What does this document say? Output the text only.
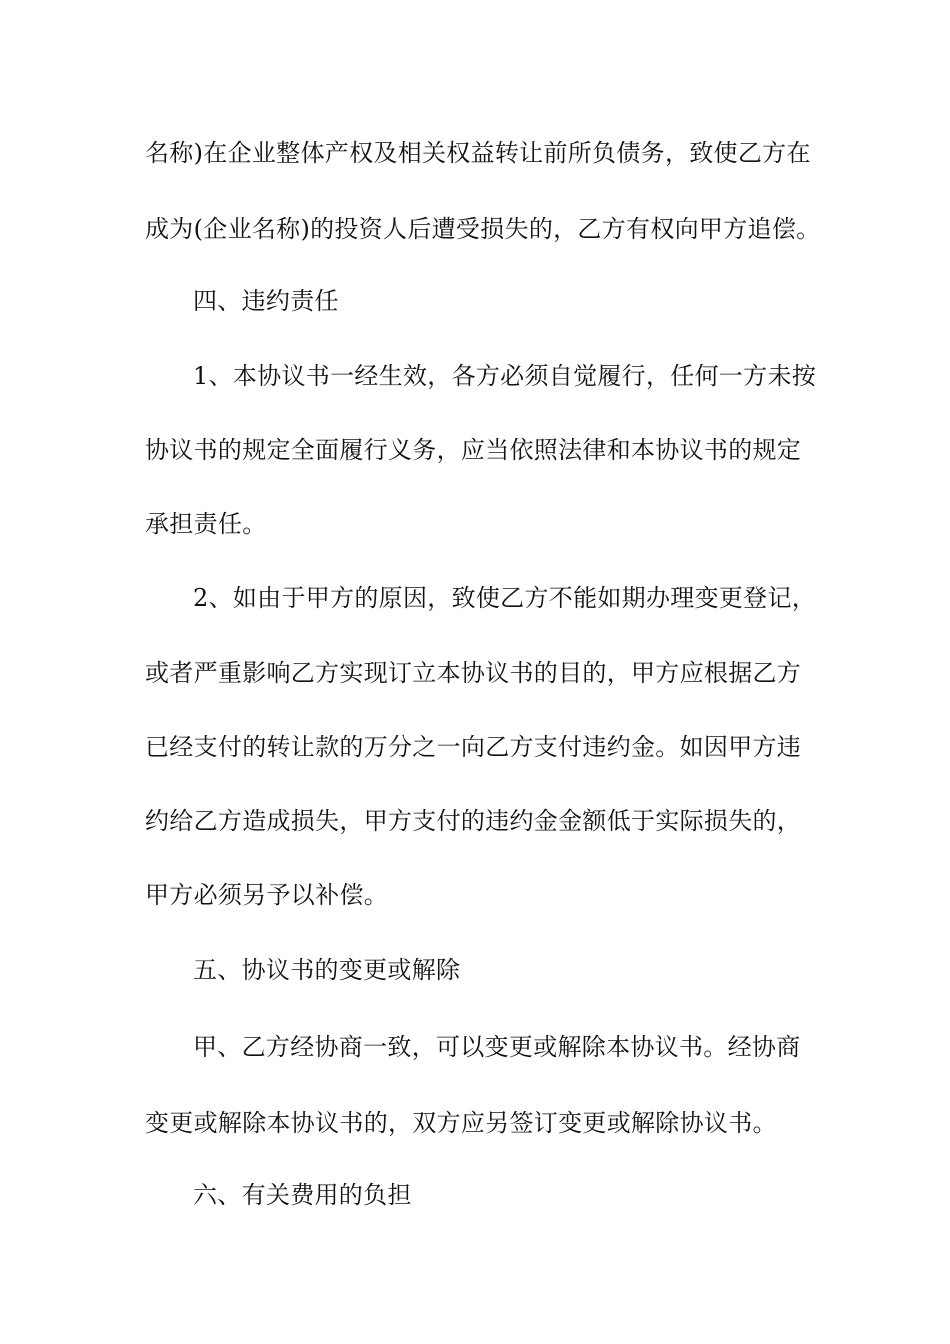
名称)在企业整体产权及相关权益转让前所负债务，致使乙方在
成为(企业名称)的投资人后遭受损失的，乙方有权向甲方追偿。
四、违约责任
1、本协议书一经生效，各方必须自觉履行，任何一方未按
协议书的规定全面履行义务，应当依照法律和本协议书的规定
承担责任。
2、如由于甲方的原因，致使乙方不能如期办理变更登记，
或者严重影响乙方实现订立本协议书的目的，甲方应根据乙方
已经支付的转让款的万分之一向乙方支付违约金。如因甲方违
约给乙方造成损失，甲方支付的违约金金额低于实际损失的，
甲方必须另予以补偿。
五、协议书的变更或解除
甲、乙方经协商一致，可以变更或解除本协议书。经协商
变更或解除本协议书的，双方应另签订变更或解除协议书。
六、有关费用的负担
